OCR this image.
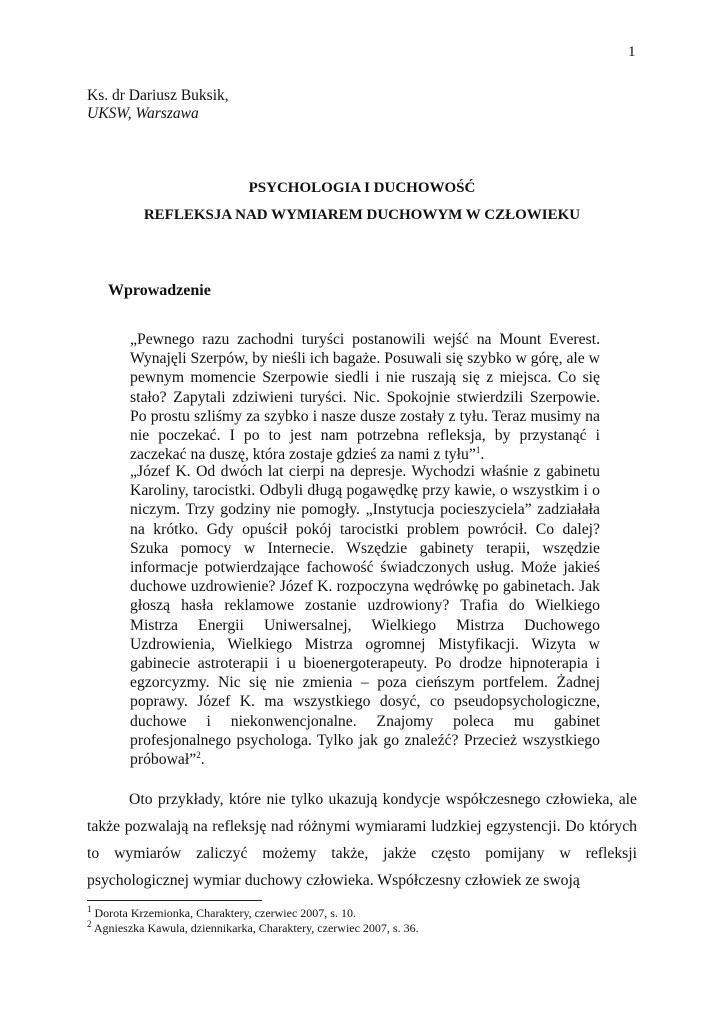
1
Ks. dr Dariusz Buksik,
UKSW, Warszawa
PSYCHOLOGIA I DUCHOWOŚĆ
REFLEKSJA NAD WYMIAREM DUCHOWYM W CZŁOWIEKU
Wprowadzenie
„Pewnego razu zachodni turyści postanowili wejść na Mount Everest. Wynajęli Szerpów, by nieśli ich bagaże. Posuwali się szybko w górę, ale w pewnym momencie Szerpowie siedli i nie ruszają się z miejsca. Co się stało? Zapytali zdziwieni turyści. Nic. Spokojnie stwierdzili Szerpowie. Po prostu szliśmy za szybko i nasze dusze zostały z tyłu. Teraz musimy na nie poczekać. I po to jest nam potrzebna refleksja, by przystanąć i zaczekać na duszę, która zostaje gdzieś za nami z tyłu”$^1$.
„Józef K. Od dwóch lat cierpi na depresje. Wychodzi właśnie z gabinetu Karoliny, tarocistki. Odbyli długą pogawędkę przy kawie, o wszystkim i o niczym. Trzy godziny nie pomogły. „Instytucja pocieszyciela” zadziałała na krótko. Gdy opuścił pokój tarocistki problem powrócił. Co dalej? Szuka pomocy w Internecie. Wszędzie gabinety terapii, wszędzie informacje potwierdzające fachowość świadczonych usług. Może jakieś duchowe uzdrowienie? Józef K. rozpoczyna wędrówkę po gabinetach. Jak głoszą hasła reklamowe zostanie uzdrowiony? Trafia do Wielkiego Mistrza Energii Uniwersalnej, Wielkiego Mistrza Duchowego Uzdrowienia, Wielkiego Mistrza ogromnej Mistyfikacji. Wizyta w gabinecie astroterapii i u bioenergoterapeuty. Po drodze hipnoterapia i egzorcyzmy. Nic się nie zmienia – poza cieńszym portfelem. Żadnej poprawy. Józef K. ma wszystkiego dosyć, co pseudopsychologiczne, duchowe i niekonwencjonalne. Znajomy poleca mu gabinet profesjonalnego psychologa. Tylko jak go znaleźć? Przecież wszystkiego próbował”$^2$.
Oto przykłady, które nie tylko ukazują kondycje współczesnego człowieka, ale także pozwalają na refleksję nad różnymi wymiarami ludzkiej egzystencji. Do których to wymiarów zaliczyć możemy także, jakże często pomijany w refleksji psychologicznej wymiar duchowy człowieka. Współczesny człowiek ze swoją
$^1$ Dorota Krzemionka, Charaktery, czerwiec 2007, s. 10.
$^2$ Agnieszka Kawula, dziennikarka, Charaktery, czerwiec 2007, s. 36.
